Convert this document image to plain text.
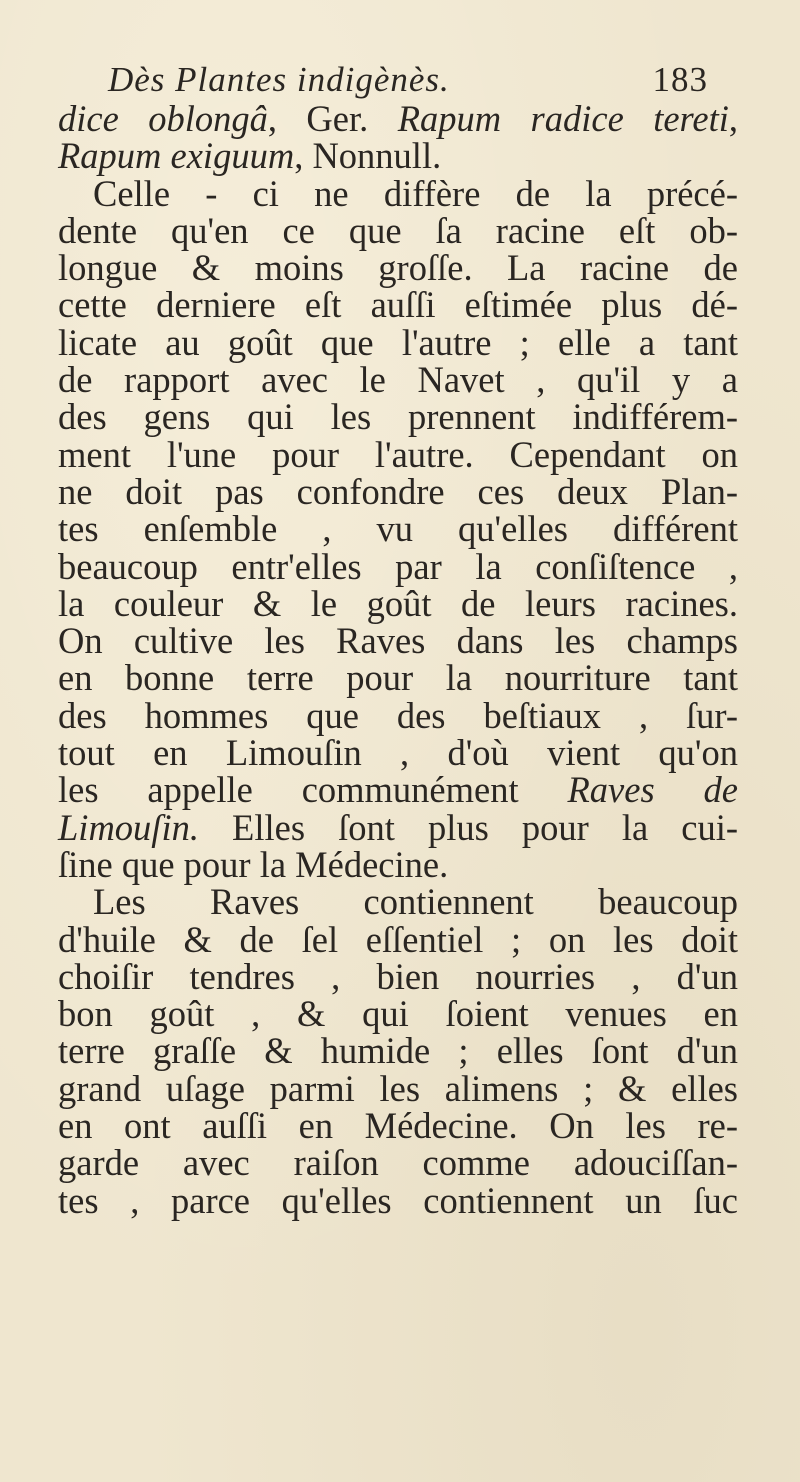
Dès Plantes indigènès.	183
dice oblongâ, Ger. Rapum radice tereti,
Rapum exiguum, Nonnull.
Celle - ci ne diffère de la précé-
dente qu'en ce que ſa racine eſt ob-
longue & moins groſſe. La racine de
cette derniere eſt auſſi eſtimée plus dé-
licate au goût que l'autre ; elle a tant
de rapport avec le Navet , qu'il y a
des gens qui les prennent indifférem-
ment l'une pour l'autre. Cependant on
ne doit pas confondre ces deux Plan-
tes enſemble , vu qu'elles différent
beaucoup entr'elles par la conſiſtence ,
la couleur & le goût de leurs racines.
On cultive les Raves dans les champs
en bonne terre pour la nourriture tant
des hommes que des beſtiaux , ſur-
tout en Limouſin , d'où vient qu'on
les appelle communément Raves de
Limouſin. Elles ſont plus pour la cui-
ſine que pour la Médecine.
Les Raves contiennent beaucoup
d'huile & de ſel eſſentiel ; on les doit
choiſir tendres , bien nourries , d'un
bon goût , & qui ſoient venues en
terre graſſe & humide ; elles ſont d'un
grand uſage parmi les alimens ; & elles
en ont auſſi en Médecine. On les re-
garde avec raiſon comme adouciſſan-
tes , parce qu'elles contiennent un ſuc
